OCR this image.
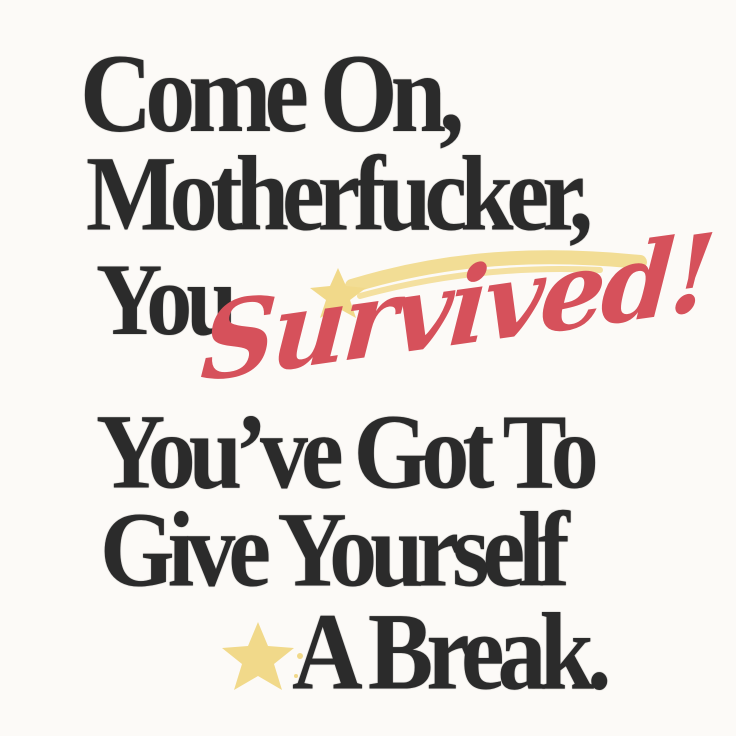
Come On,
Motherfucker,
You
Survived!
You’ve Got To
Give Yourself
A Break.
